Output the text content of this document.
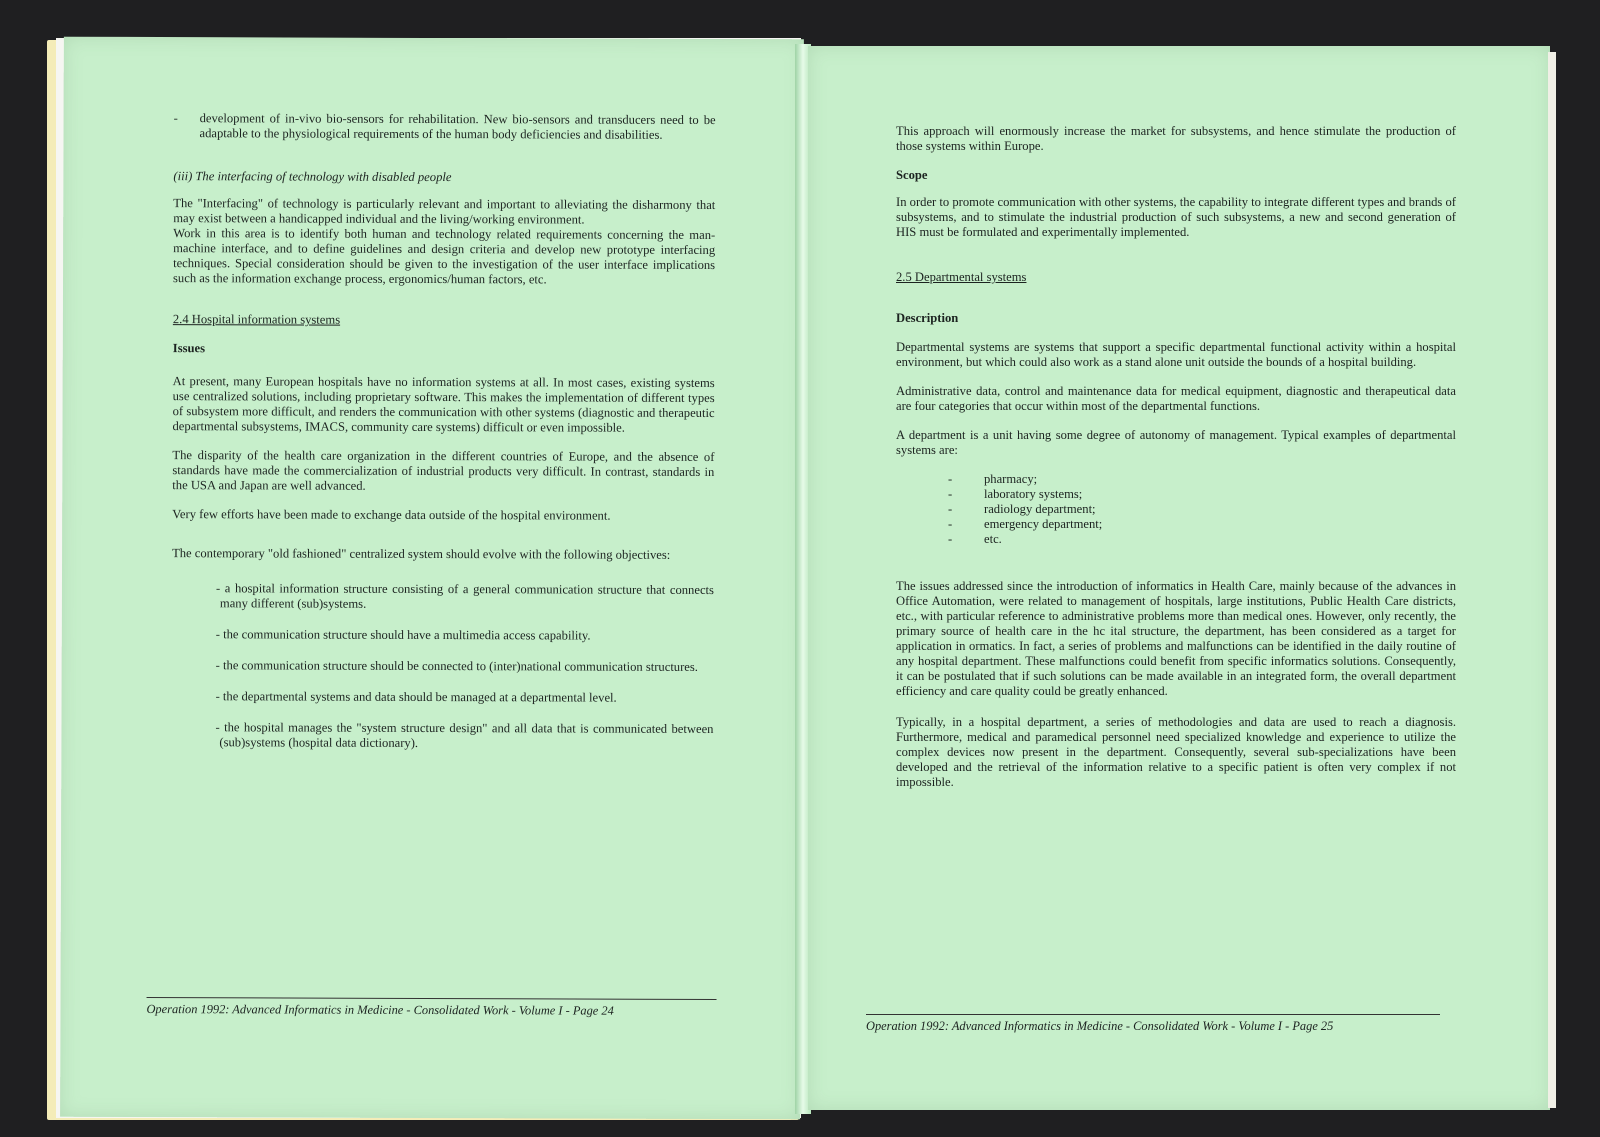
-	development of in-vivo bio-sensors for rehabilitation. New bio-sensors and transducers need to be adaptable to the physiological requirements of the human body deficiencies and disabilities.

(iii) The interfacing of technology with disabled people

The "Interfacing" of technology is particularly relevant and important to alleviating the disharmony that may exist between a handicapped individual and the living/working environment.

Work in this area is to identify both human and technology related requirements concerning the man-machine interface, and to define guidelines and design criteria and develop new prototype interfacing techniques. Special consideration should be given to the investigation of the user interface implications such as the information exchange process, ergonomics/human factors, etc.

2.4 Hospital information systems

Issues

At present, many European hospitals have no information systems at all. In most cases, existing systems use centralized solutions, including proprietary software. This makes the implementation of different types of subsystem more difficult, and renders the communication with other systems (diagnostic and therapeutic departmental subsystems, IMACS, community care systems) difficult or even impossible.

The disparity of the health care organization in the different countries of Europe, and the absence of standards have made the commercialization of industrial products very difficult. In contrast, standards in the USA and Japan are well advanced.

Very few efforts have been made to exchange data outside of the hospital environment.

The contemporary "old fashioned" centralized system should evolve with the following objectives:

- a hospital information structure consisting of a general communication structure that connects many different (sub)systems.
- the communication structure should have a multimedia access capability.
- the communication structure should be connected to (inter)national communication structures.
- the departmental systems and data should be managed at a departmental level.
- the hospital manages the "system structure design" and all data that is communicated between (sub)systems (hospital data dictionary).
Operation 1992: Advanced Informatics in Medicine - Consolidated Work - Volume I - Page 24

This approach will enormously increase the market for subsystems, and hence stimulate the production of those systems within Europe.

Scope

In order to promote communication with other systems, the capability to integrate different types and brands of subsystems, and to stimulate the industrial production of such subsystems, a new and second generation of HIS must be formulated and experimentally implemented.

2.5 Departmental systems

Description

Departmental systems are systems that support a specific departmental functional activity within a hospital environment, but which could also work as a stand alone unit outside the bounds of a hospital building.

Administrative data, control and maintenance data for medical equipment, diagnostic and therapeutical data are four categories that occur within most of the departmental functions.

A department is a unit having some degree of autonomy of management. Typical examples of departmental systems are:

-	pharmacy;
-	laboratory systems;
-	radiology department;
-	emergency department;
-	etc.

The issues addressed since the introduction of informatics in Health Care, mainly because of the advances in Office Automation, were related to management of hospitals, large institutions, Public Health Care districts, etc., with particular reference to administrative problems more than medical ones. However, only recently, the primary source of health care in the hc ital structure, the department, has been considered as a target for application in ormatics. In fact, a series of problems and malfunctions can be identified in the daily routine of any hospital department. These malfunctions could benefit from specific informatics solutions. Consequently, it can be postulated that if such solutions can be made available in an integrated form, the overall department efficiency and care quality could be greatly enhanced.

Typically, in a hospital department, a series of methodologies and data are used to reach a diagnosis. Furthermore, medical and paramedical personnel need specialized knowledge and experience to utilize the complex devices now present in the department. Consequently, several sub-specializations have been developed and the retrieval of the information relative to a specific patient is often very complex if not impossible.

Operation 1992: Advanced Informatics in Medicine - Consolidated Work - Volume I - Page 25
